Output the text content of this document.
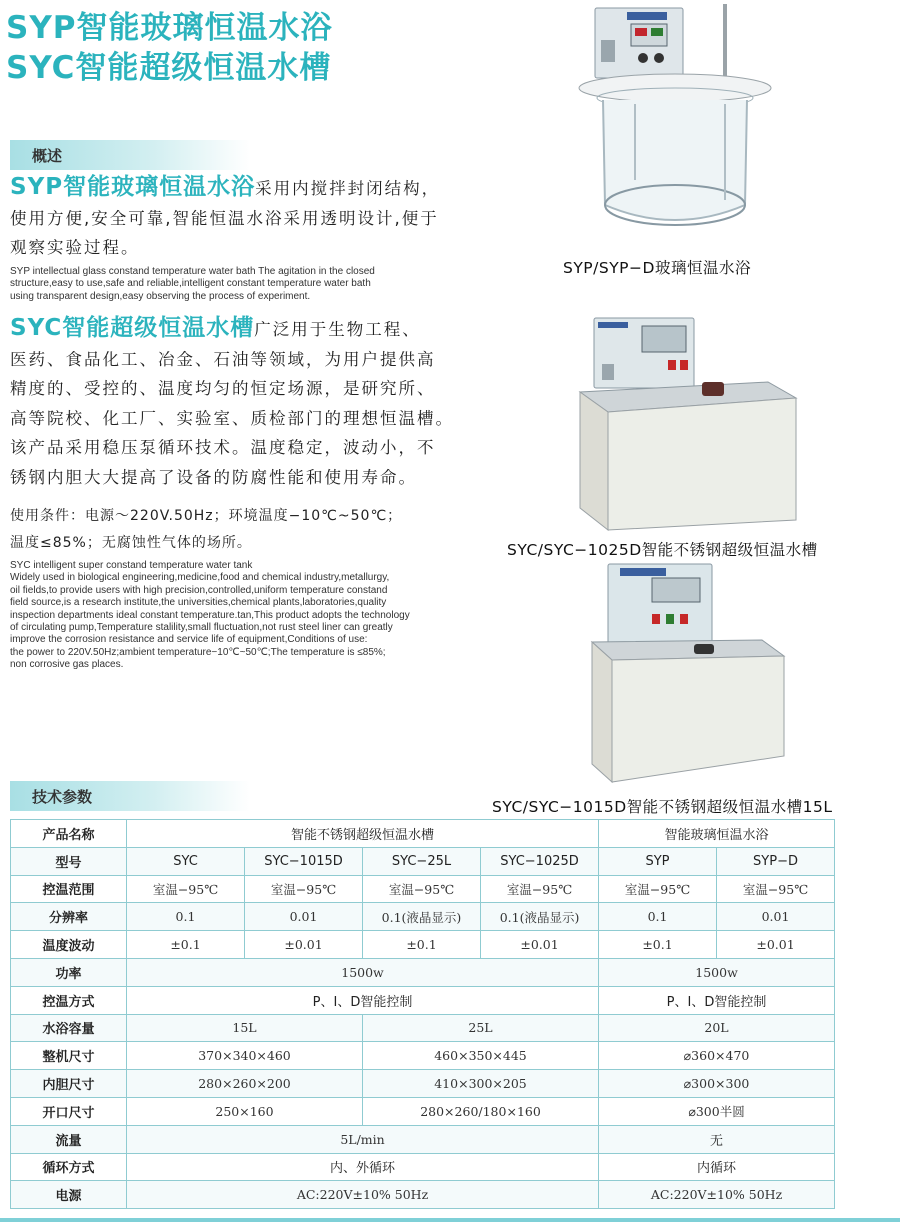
SYP智能玻璃恒温水浴
SYC智能超级恒温水槽
概述
SYP智能玻璃恒温水浴采用内搅拌封闭结构，
使用方便,安全可靠,智能恒温水浴采用透明设计,便于
观察实验过程。
SYP intellectual glass constand temperature water bath The agitation in the closed
structure,easy to use,safe and reliable,intelligent constant temperature water bath
using transparent design,easy observing the process of experiment.
SYC智能超级恒温水槽广泛用于生物工程、
医药、食品化工、冶金、石油等领域，为用户提供高
精度的、受控的、温度均匀的恒定场源，是研究所、
高等院校、化工厂、实验室、质检部门的理想恒温槽。
该产品采用稳压泵循环技术。温度稳定，波动小，不
锈钢内胆大大提高了设备的防腐性能和使用寿命。
使用条件：电源～220V.50Hz；环境温度−10℃~50℃；
温度≤85%；无腐蚀性气体的场所。
SYC intelligent super constand temperature water tank
Widely used in biological engineering,medicine,food and chemical industry,metallurgy,
oil fields,to provide users with high precision,controlled,uniform temperature constand
field source,is a research institute,the universities,chemical plants,laboratories,quality
inspection departments ideal constant temperature.tan,This product adopts the technology
of circulating pump,Temperature stalility,small fluctuation,not rust steel liner can greatly
improve the corrosion resistance and service life of equipment,Conditions of use:
the power to 220V.50Hz;ambient temperature−10℃~50℃;The temperature is ≤85%;
non corrosive gas places.
SYP/SYP−D玻璃恒温水浴
SYC/SYC−1025D智能不锈钢超级恒温水槽
SYC/SYC−1015D智能不锈钢超级恒温水槽15L
技术参数
产品名称	智能不锈钢超级恒温水槽				智能玻璃恒温水浴	
型号	SYC	SYC−1015D	SYC−25L	SYC−1025D	SYP	SYP−D
控温范围	室温−95℃	室温−95℃	室温−95℃	室温−95℃	室温−95℃	室温−95℃
分辨率	0.1	0.01	0.1(液晶显示)	0.1(液晶显示)	0.1	0.01
温度波动	±0.1	±0.01	±0.1	±0.01	±0.1	±0.01
功率	1500w				1500w	
控温方式	P、I、D智能控制				P、I、D智能控制	
水浴容量	15L		25L		20L	
整机尺寸	370×340×460		460×350×445		⌀360×470	
内胆尺寸	280×260×200		410×300×205		⌀300×300	
开口尺寸	250×160		280×260/180×160		⌀300半圆	
流量	5L/min				无	
循环方式	内、外循环				内循环	
电源	AC:220V±10% 50Hz				AC:220V±10% 50Hz	
